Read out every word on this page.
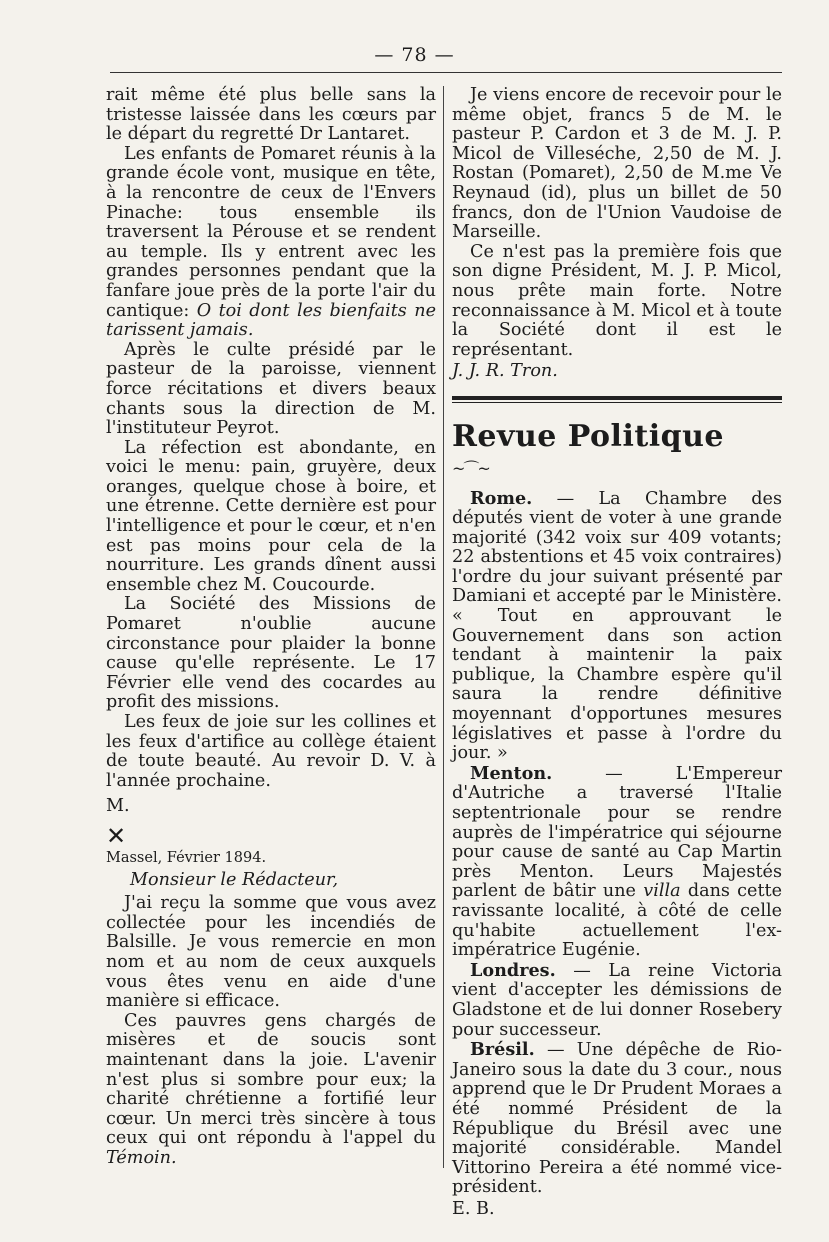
— 78 —

rait même été plus belle sans la tristesse laissée dans les cœurs par le départ du regretté Dr Lantaret.

Les enfants de Pomaret réunis à la grande école vont, musique en tête, à la rencontre de ceux de l'Envers Pinache: tous ensemble ils traversent la Pérouse et se rendent au temple. Ils y entrent avec les grandes personnes pendant que la fanfare joue près de la porte l'air du cantique: O toi dont les bienfaits ne tarissent jamais.

Après le culte présidé par le pasteur de la paroisse, viennent force récitations et divers beaux chants sous la direction de M. l'instituteur Peyrot.

La réfection est abondante, en voici le menu: pain, gruyère, deux oranges, quelque chose à boire, et une étrenne. Cette dernière est pour l'intelligence et pour le cœur, et n'en est pas moins pour cela de la nourriture. Les grands dînent aussi ensemble chez M. Coucourde.

La Société des Missions de Pomaret n'oublie aucune circonstance pour plaider la bonne cause qu'elle représente. Le 17 Février elle vend des cocardes au profit des missions.

Les feux de joie sur les collines et les feux d'artifice au collège étaient de toute beauté. Au revoir D. V. à l'année prochaine.

M.

✕

Massel, Février 1894.

Monsieur le Rédacteur,

J'ai reçu la somme que vous avez collectée pour les incendiés de Balsille. Je vous remercie en mon nom et au nom de ceux auxquels vous êtes venu en aide d'une manière si efficace.

Ces pauvres gens chargés de misères et de soucis sont maintenant dans la joie. L'avenir n'est plus si sombre pour eux; la charité chrétienne a fortifié leur cœur. Un merci très sincère à tous ceux qui ont répondu à l'appel du Témoin.

Je viens encore de recevoir pour le même objet, francs 5 de M. le pasteur P. Cardon et 3 de M. J. P. Micol de Villeséche, 2,50 de M. J. Rostan (Pomaret), 2,50 de M.me Ve Reynaud (id), plus un billet de 50 francs, don de l'Union Vaudoise de Marseille.

Ce n'est pas la première fois que son digne Président, M. J. P. Micol, nous prête main forte. Notre reconnaissance à M. Micol et à toute la Société dont il est le représentant.

J. J. R. Tron.

Revue Politique

~⌒~

Rome. — La Chambre des députés vient de voter à une grande majorité (342 voix sur 409 votants; 22 abstentions et 45 voix contraires) l'ordre du jour suivant présenté par Damiani et accepté par le Ministère. « Tout en approuvant le Gouvernement dans son action tendant à maintenir la paix publique, la Chambre espère qu'il saura la rendre définitive moyennant d'opportunes mesures législatives et passe à l'ordre du jour. »

Menton. — L'Empereur d'Autriche a traversé l'Italie septentrionale pour se rendre auprès de l'impératrice qui séjourne pour cause de santé au Cap Martin près Menton. Leurs Majestés parlent de bâtir une villa dans cette ravissante localité, à côté de celle qu'habite actuellement l'ex-impératrice Eugénie.

Londres. — La reine Victoria vient d'accepter les démissions de Gladstone et de lui donner Rosebery pour successeur.

Brésil. — Une dépêche de Rio-Janeiro sous la date du 3 cour., nous apprend que le Dr Prudent Moraes a été nommé Président de la République du Brésil avec une majorité considérable. Mandel Vittorino Pereira a été nommé vice-président.

E. B.
